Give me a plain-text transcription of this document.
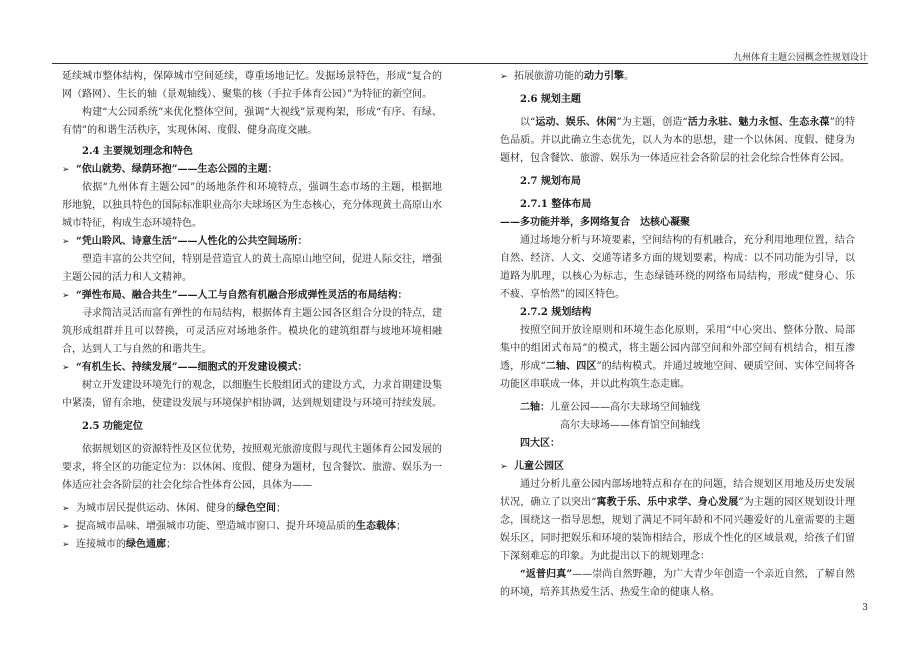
九州体育主题公园概念性规划设计

延续城市整体结构，保障城市空间延续，尊重场地记忆。发掘场景特色，形成“复合的网（路网）、生长的轴（景观轴线）、聚集的核（手拉手体育公园）”为特征的新空间。

构建“大公园系统”来优化整体空间，强调“大视线”景观构架，形成“有序、有绿、有情”的和谐生活秩序，实现休闲、度假、健身高度交融。

2.4 主要规划理念和特色

➢ “依山就势、绿荫环抱”——生态公园的主题：

依据“九州体育主题公园”的场地条件和环境特点，强调生态市场的主题，根据地形地貌，以独具特色的国际标准职业高尔夫球场区为生态核心，充分体现黄土高原山水城市特征，构成生态环境特色。

➢ “凭山聆风、诗意生活”——人性化的公共空间场所：

塑造丰富的公共空间，特别是营造宜人的黄土高原山地空间，促进人际交往，增强主题公园的活力和人文精神。

➢ “弹性布局、融合共生”——人工与自然有机融合形成弹性灵活的布局结构：

寻求简洁灵活而富有弹性的布局结构，根据体育主题公园各区组合分设的特点，建筑形成组群并且可以替换，可灵活应对场地条件。模块化的建筑组群与坡地环境相融合，达到人工与自然的和谐共生。

➢ “有机生长、持续发展”——细胞式的开发建设模式：

树立开发建设环境先行的观念，以细胞生长般组团式的建设方式，力求首期建设集中紧凑，留有余地，使建设发展与环境保护相协调，达到规划建设与环境可持续发展。

2.5 功能定位

依据规划区的资源特性及区位优势，按照观光旅游度假与现代主题体育公园发展的要求，将全区的功能定位为：以休闲、度假、健身为题材，包含餐饮、旅游、娱乐为一体适应社会各阶层的社会化综合性体育公园，具体为——

➢ 为城市居民提供运动、休闲、健身的绿色空间；

➢ 提高城市品味、增强城市功能、塑造城市窗口、提升环境品质的生态载体；

➢ 连接城市的绿色通廊；

➢ 拓展旅游功能的动力引擎。

2.6 规划主题

以“运动、娱乐、休闲”为主题，创造“活力永驻、魅力永恒、生态永葆”的特色品质。并以此确立生态优先，以人为本的思想，建一个以休闲、度假、健身为题材，包含餐饮、旅游、娱乐为一体适应社会各阶层的社会化综合性体育公园。

2.7 规划布局

2.7.1 整体布局

——多功能并举，多网络复合　达核心凝聚

通过场地分析与环境要素，空间结构的有机融合，充分利用地理位置，结合自然、经济、人文、交通等诸多方面的规划要素，构成：以不同功能为引导，以道路为肌理，以核心为标志，生态绿链环绕的网络布局结构，形成“健身心、乐不疲、享怡然”的园区特色。

2.7.2 规划结构

按照空间开放诠原则和环境生态化原则，采用“中心突出、整体分散、局部集中的组团式布局”的模式，将主题公园内部空间和外部空间有机结合，相互渗透，形成“二轴、四区”的结构模式。并通过坡地空间、硬质空间、实体空间将各功能区串联成一体，并以此构筑生态走廊。

二轴：儿童公园——高尔夫球场空间轴线

高尔夫球场——体育馆空间轴线

四大区：

➢ 儿童公园区

通过分析儿童公园内部场地特点和存在的问题，结合规划区用地及历史发展状况，确立了以突出“寓教于乐、乐中求学、身心发展”为主题的园区规划设计理念，围绕这一指导思想，规划了满足不同年龄和不同兴趣爱好的儿童需要的主题娱乐区，同时把娱乐和环境的装饰相结合，形成个性化的区域景观，给孩子们留下深刻难忘的印象。为此提出以下的规划理念：

“返普归真”——崇尚自然野趣，为广大青少年创造一个亲近自然，了解自然的环境，培养其热爱生活、热爱生命的健康人格。

3
